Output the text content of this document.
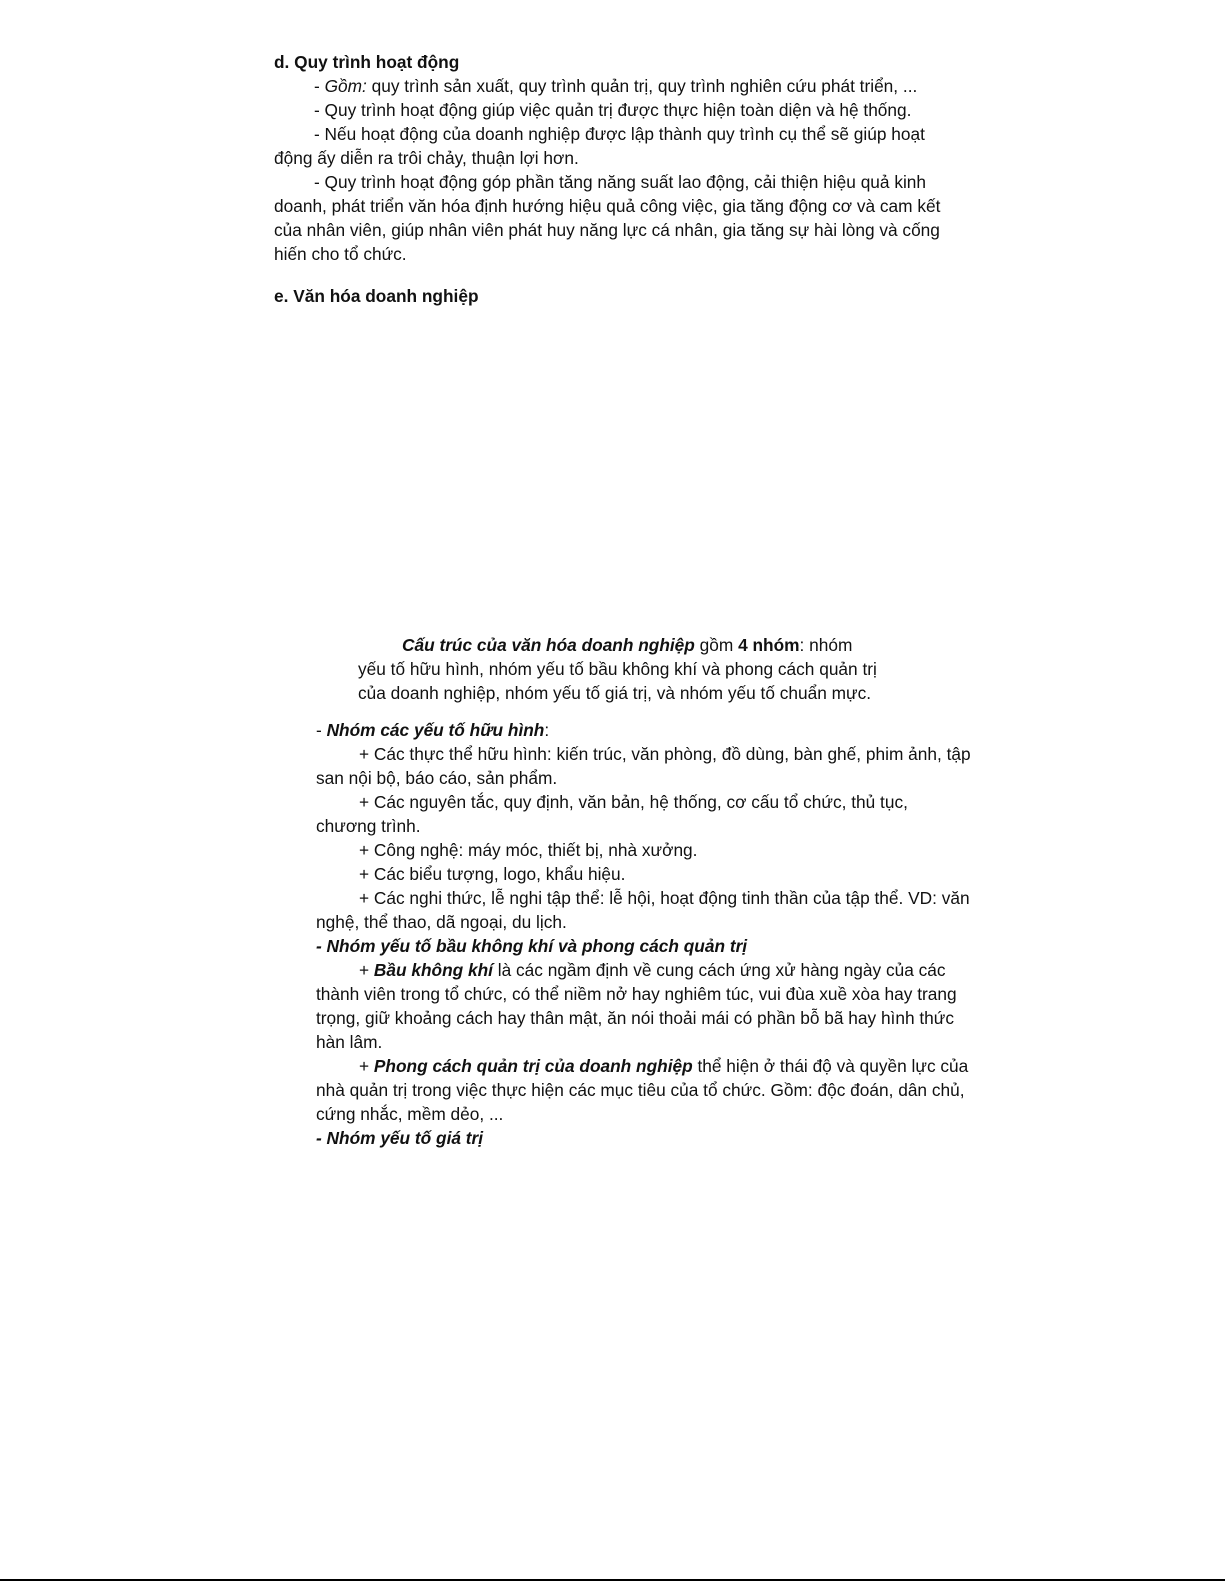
d. Quy trình hoạt động
- Gồm: quy trình sản xuất, quy trình quản trị, quy trình nghiên cứu phát triển, ...
- Quy trình hoạt động giúp việc quản trị được thực hiện toàn diện và hệ thống.
- Nếu hoạt động của doanh nghiệp được lập thành quy trình cụ thể sẽ giúp hoạt
động ấy diễn ra trôi chảy, thuận lợi hơn.
- Quy trình hoạt động góp phần tăng năng suất lao động, cải thiện hiệu quả kinh
doanh, phát triển văn hóa định hướng hiệu quả công việc, gia tăng động cơ và cam kết
của nhân viên, giúp nhân viên phát huy năng lực cá nhân, gia tăng sự hài lòng và cống
hiến cho tổ chức.
e. Văn hóa doanh nghiệp
Cấu trúc của văn hóa doanh nghiệp gồm 4 nhóm: nhóm
yếu tố hữu hình, nhóm yếu tố bầu không khí và phong cách quản trị
của doanh nghiệp, nhóm yếu tố giá trị, và nhóm yếu tố chuẩn mực.
- Nhóm các yếu tố hữu hình:
+ Các thực thể hữu hình: kiến trúc, văn phòng, đồ dùng, bàn ghế, phim ảnh, tập
san nội bộ, báo cáo, sản phẩm.
+ Các nguyên tắc, quy định, văn bản, hệ thống, cơ cấu tổ chức, thủ tục,
chương trình.
+ Công nghệ: máy móc, thiết bị, nhà xưởng.
+ Các biểu tượng, logo, khẩu hiệu.
+ Các nghi thức, lễ nghi tập thể: lễ hội, hoạt động tinh thần của tập thể. VD: văn
nghệ, thể thao, dã ngoại, du lịch.
- Nhóm yếu tố bầu không khí và phong cách quản trị
+ Bầu không khí là các ngầm định về cung cách ứng xử hàng ngày của các
thành viên trong tổ chức, có thể niềm nở hay nghiêm túc, vui đùa xuề xòa hay trang
trọng, giữ khoảng cách hay thân mật, ăn nói thoải mái có phần bỗ bã hay hình thức
hàn lâm.
+ Phong cách quản trị của doanh nghiệp thể hiện ở thái độ và quyền lực của
nhà quản trị trong việc thực hiện các mục tiêu của tổ chức. Gồm: độc đoán, dân chủ,
cứng nhắc, mềm dẻo, ...
- Nhóm yếu tố giá trị
